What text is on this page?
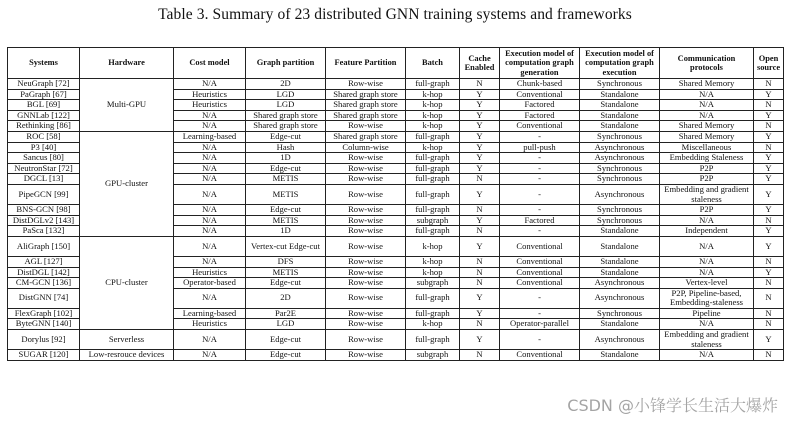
Table 3. Summary of 23 distributed GNN training systems and frameworks
Systems	Hardware	Cost model	Graph partition	Feature Partition	Batch	Cache Enabled	Execution model of computation graph generation	Execution model of computation graph execution	Communication protocols	Open source
NeuGraph [72]	Multi-GPU	N/A	2D	Row-wise	full-graph	N	Chunk-based	Synchronous	Shared Memory	N
PaGraph [67]		Heuristics	LGD	Shared graph store	k-hop	Y	Conventional	Standalone	N/A	Y
BGL [69]		Heuristics	LGD	Shared graph store	k-hop	Y	Factored	Standalone	N/A	N
GNNLab [122]		N/A	Shared graph store	Shared graph store	k-hop	Y	Factored	Standalone	N/A	Y
Rethinking [86]		N/A	Shared graph store	Row-wise	k-hop	Y	Conventional	Standalone	Shared Memory	N
ROC [58]	GPU-cluster	Learning-based	Edge-cut	Shared graph store	full-graph	Y	-	Synchronous	Shared Memory	Y
P3 [40]		N/A	Hash	Column-wise	k-hop	Y	pull-push	Asynchronous	Miscellaneous	N
Sancus [80]		N/A	1D	Row-wise	full-graph	Y	-	Asynchronous	Embedding Staleness	Y
NeutronStar [72]		N/A	Edge-cut	Row-wise	full-graph	Y	-	Synchronous	P2P	Y
DGCL [13]		N/A	METIS	Row-wise	full-graph	N	-	Synchronous	P2P	Y
PipeGCN [99]		N/A	METIS	Row-wise	full-graph	Y	-	Asynchronous	Embedding and gradient staleness	Y
BNS-GCN [98]		N/A	Edge-cut	Row-wise	full-graph	N	-	Synchronous	P2P	Y
DistDGLv2 [143]		N/A	METIS	Row-wise	subgraph	Y	Factored	Synchronous	N/A	N
PaSca [132]		N/A	1D	Row-wise	full-graph	N	-	Standalone	Independent	Y
AliGraph [150]	CPU-cluster	N/A	Vertex-cut Edge-cut	Row-wise	k-hop	Y	Conventional	Standalone	N/A	Y
AGL [127]		N/A	DFS	Row-wise	k-hop	N	Conventional	Standalone	N/A	N
DistDGL [142]		Heuristics	METIS	Row-wise	k-hop	N	Conventional	Standalone	N/A	Y
CM-GCN [136]		Operator-based	Edge-cut	Row-wise	subgraph	N	Conventional	Asynchronous	Vertex-level	N
DistGNN [74]		N/A	2D	Row-wise	full-graph	Y	-	Asynchronous	P2P, Pipeline-based, Embedding-staleness	N
FlexGraph [102]		Learning-based	Par2E	Row-wise	full-graph	Y	-	Synchronous	Pipeline	N
ByteGNN [140]		Heuristics	LGD	Row-wise	k-hop	N	Operator-parallel	Standalone	N/A	N
Dorylus [92]	Serverless	N/A	Edge-cut	Row-wise	full-graph	Y	-	Asynchronous	Embedding and gradient staleness	Y
SUGAR [120]	Low-resrouce devices	N/A	Edge-cut	Row-wise	subgraph	N	Conventional	Standalone	N/A	N
CSDN @小锋学长生活大爆炸
